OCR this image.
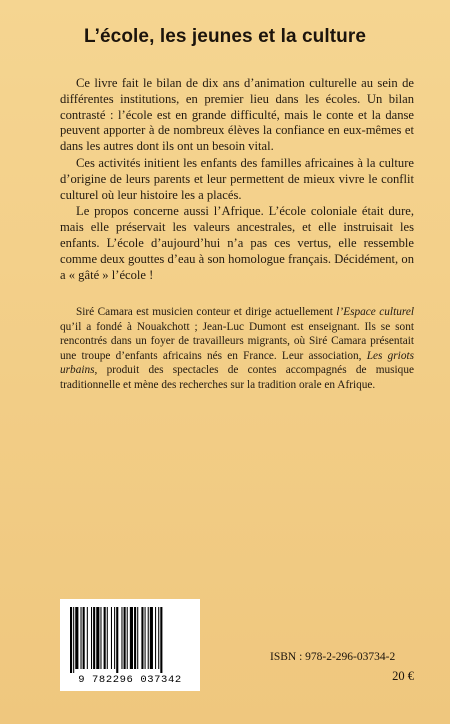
L’école, les jeunes et la culture

Ce livre fait le bilan de dix ans d’animation culturelle au sein de différentes institutions, en premier lieu dans les écoles. Un bilan contrasté : l’école est en grande difficulté, mais le conte et la danse peuvent apporter à de nombreux élèves la confiance en eux-mêmes et dans les autres dont ils ont un besoin vital.

Ces activités initient les enfants des familles africaines à la culture d’origine de leurs parents et leur permettent de mieux vivre le conflit culturel où leur histoire les a placés.

Le propos concerne aussi l’Afrique. L’école coloniale était dure, mais elle préservait les valeurs ancestrales, et elle instruisait les enfants. L’école d’aujourd’hui n’a pas ces vertus, elle ressemble comme deux gouttes d’eau à son homologue français. Décidément, on a « gâté » l’école !

Siré Camara est musicien conteur et dirige actuellement l’Espace culturel qu’il a fondé à Nouakchott ; Jean-Luc Dumont est enseignant. Ils se sont rencontrés dans un foyer de travailleurs migrants, où Siré Camara présentait une troupe d’enfants africains nés en France. Leur association, Les griots urbains, produit des spectacles de contes accompagnés de musique traditionnelle et mène des recherches sur la tradition orale en Afrique.

9 782296 037342
ISBN : 978-2-296-03734-2
20 €
